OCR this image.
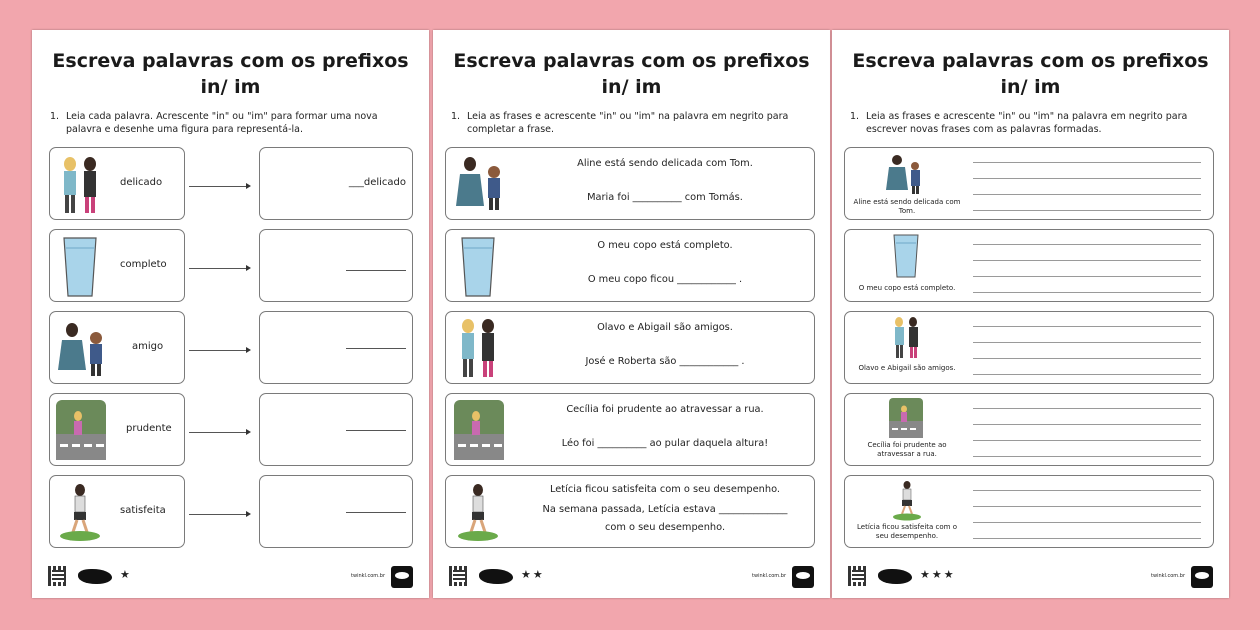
Escreva palavras com os prefixos
in/ im
1. Leia cada palavra. Acrescente "in" ou "im" para formar uma nova palavra e desenhe uma figura para representá-la.
delicado
completo
amigo
prudente
satisfeita
___delicado
★	twinkl.com.br
Escreva palavras com os prefixos
in/ im
1. Leia as frases e acrescente "in" ou "im" na palavra em negrito para completar a frase.
Aline está sendo delicada com Tom.
Maria foi __________ com Tomás.
O meu copo está completo.
O meu copo ficou ____________ .
Olavo e Abigail são amigos.
José e Roberta são ____________ .
Cecília foi prudente ao atravessar a rua.
Léo foi __________ ao pular daquela altura!
Letícia ficou satisfeita com o seu desempenho.
Na semana passada, Letícia estava ______________
com o seu desempenho.
★★	twinkl.com.br
Escreva palavras com os prefixos
in/ im
1. Leia as frases e acrescente "in" ou "im" na palavra em negrito para escrever novas frases com as palavras formadas.
Aline está sendo delicada com Tom.
O meu copo está completo.
Olavo e Abigail são amigos.
Cecília foi prudente ao atravessar a rua.
Letícia ficou satisfeita com o seu desempenho.
★★★	twinkl.com.br
